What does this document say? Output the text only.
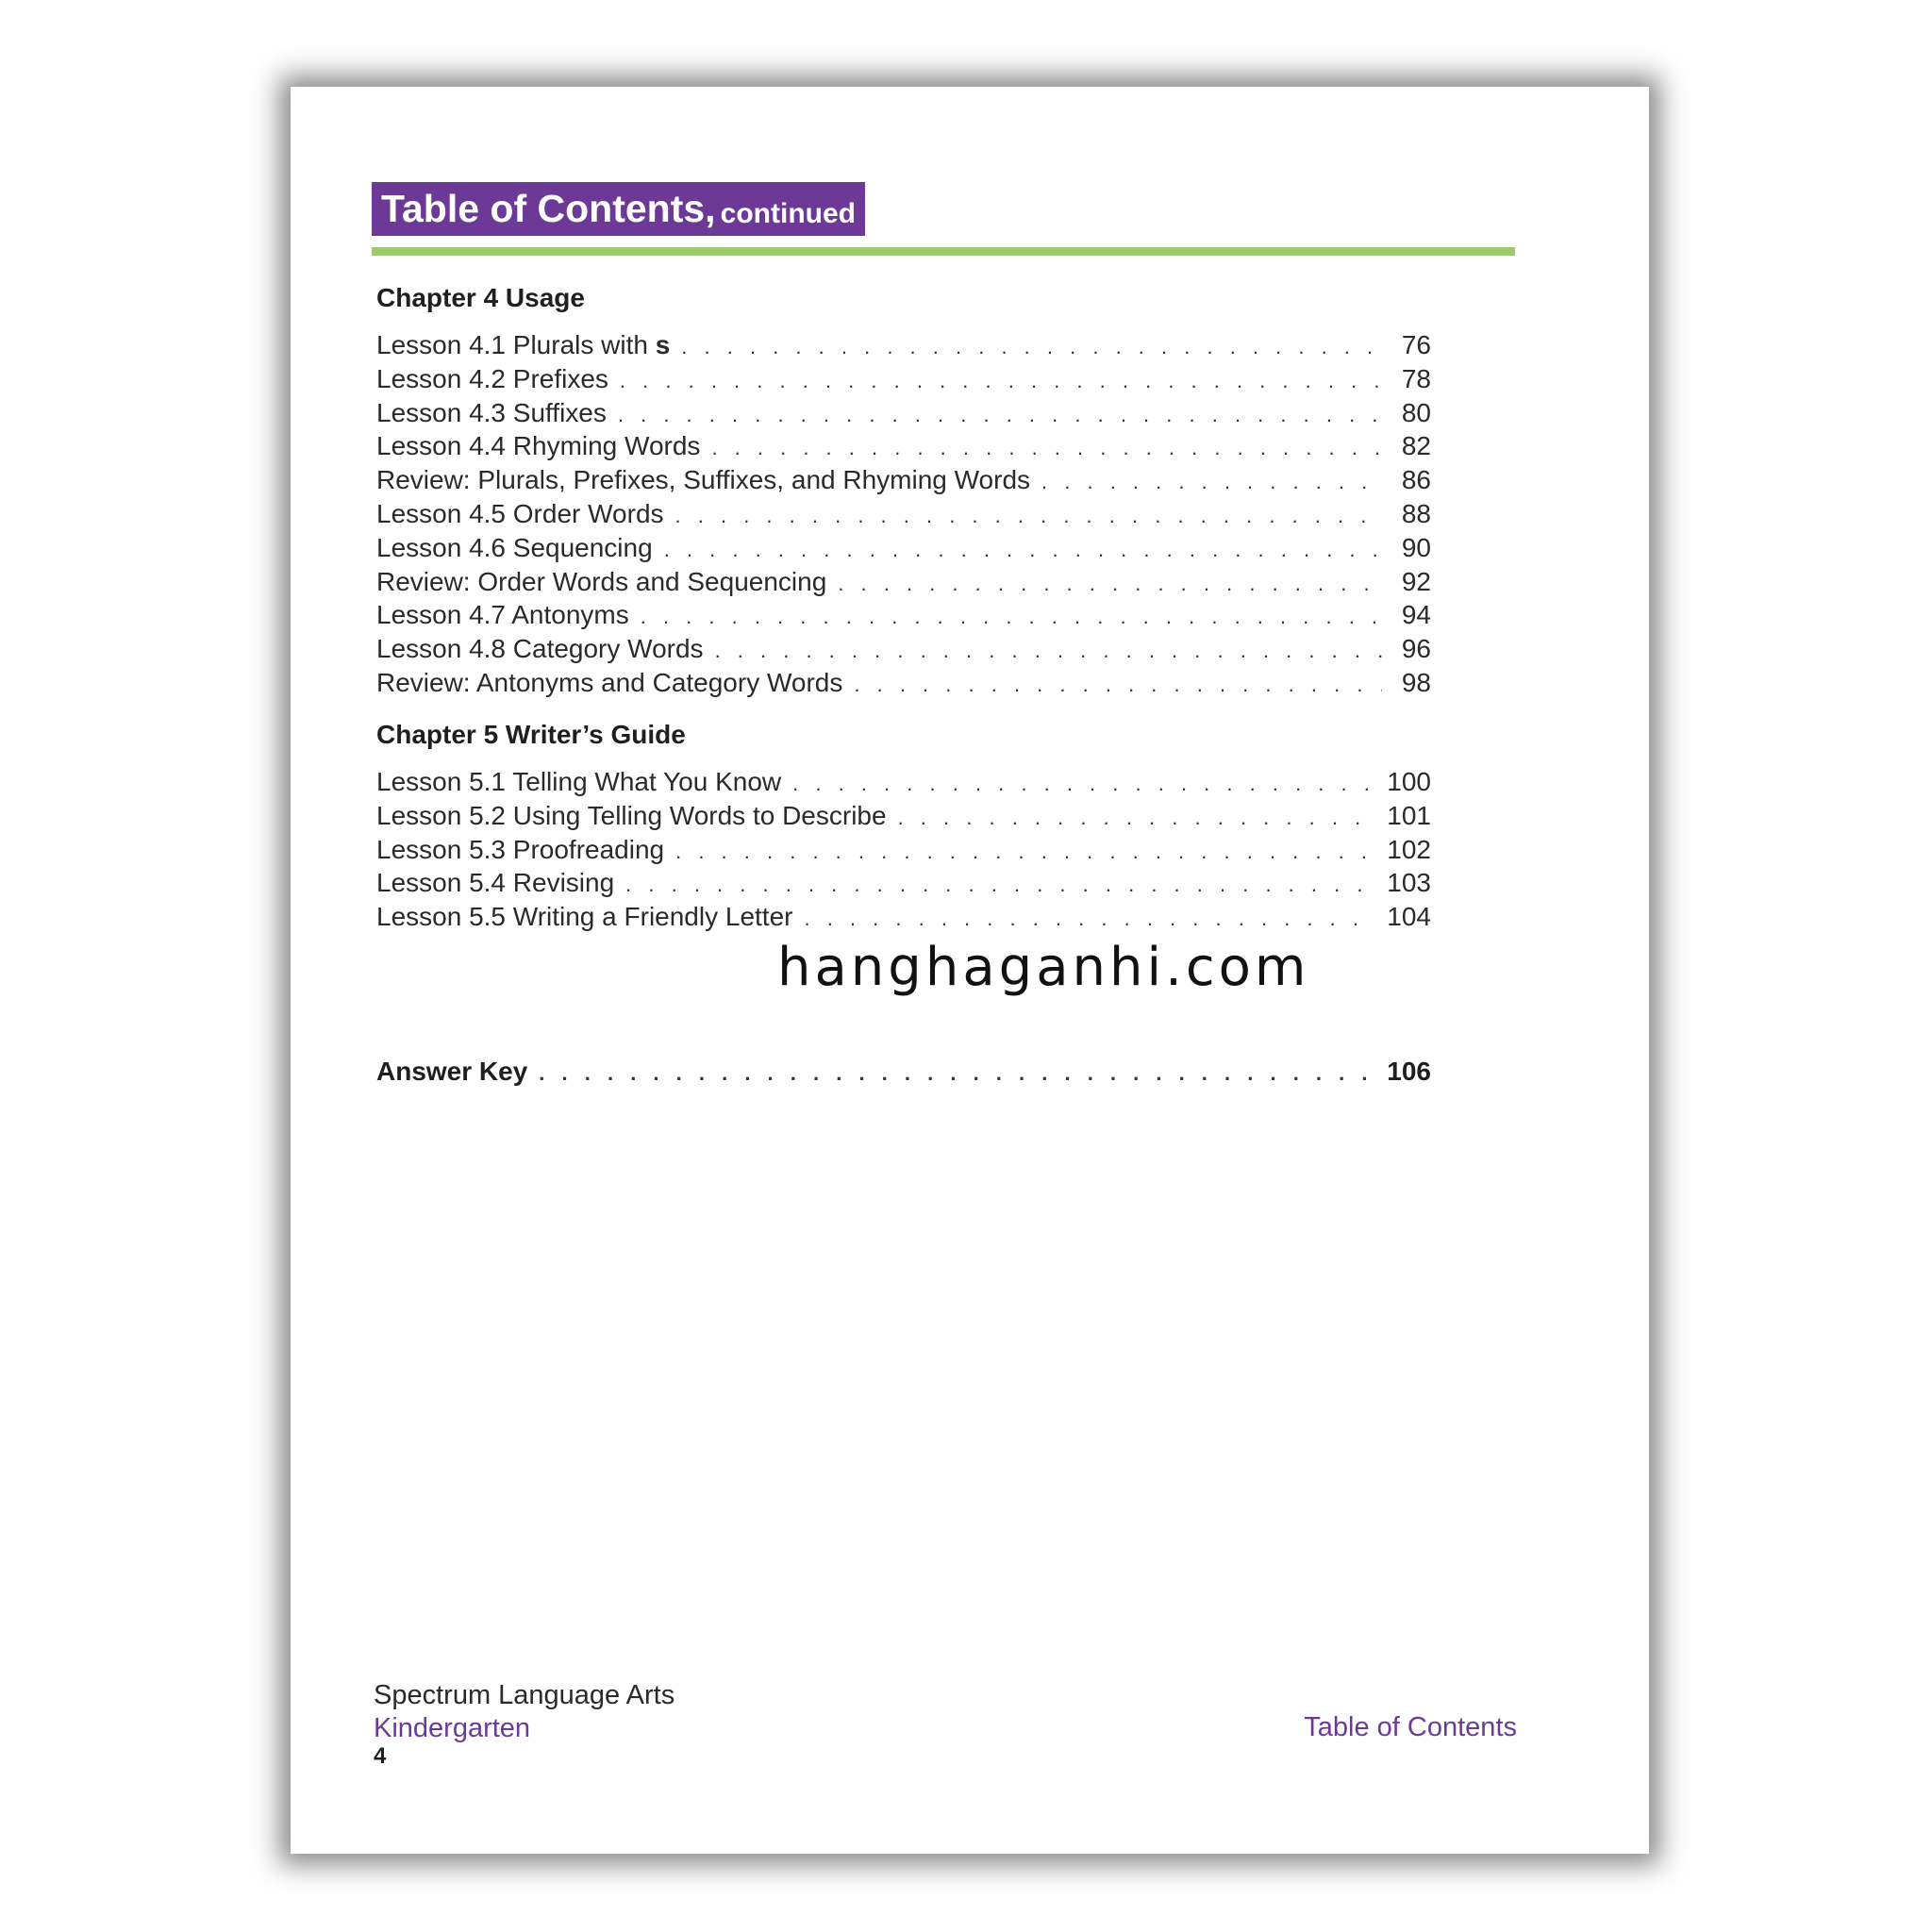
Table of Contents,
continued
Chapter 4 Usage
Lesson 4.1 Plurals with s . . .	76
Lesson 4.2 Prefixes . . .	78
Lesson 4.3 Suffixes . . .	80
Lesson 4.4 Rhyming Words . . .	82
Review: Plurals, Prefixes, Suffixes, and Rhyming Words . . .	86
Lesson 4.5 Order Words . . .	88
Lesson 4.6 Sequencing . . .	90
Review: Order Words and Sequencing . . .	92
Lesson 4.7 Antonyms . . .	94
Lesson 4.8 Category Words . . .	96
Review: Antonyms and Category Words . . .	98
Chapter 5 Writer’s Guide
Lesson 5.1 Telling What You Know . . .	100
Lesson 5.2 Using Telling Words to Describe . . .	101
Lesson 5.3 Proofreading . . .	102
Lesson 5.4 Revising . . .	103
Lesson 5.5 Writing a Friendly Letter . . .	104
Answer Key . . .	106
hanghaganhi.com
Spectrum Language Arts
Kindergarten
4
Table of Contents
